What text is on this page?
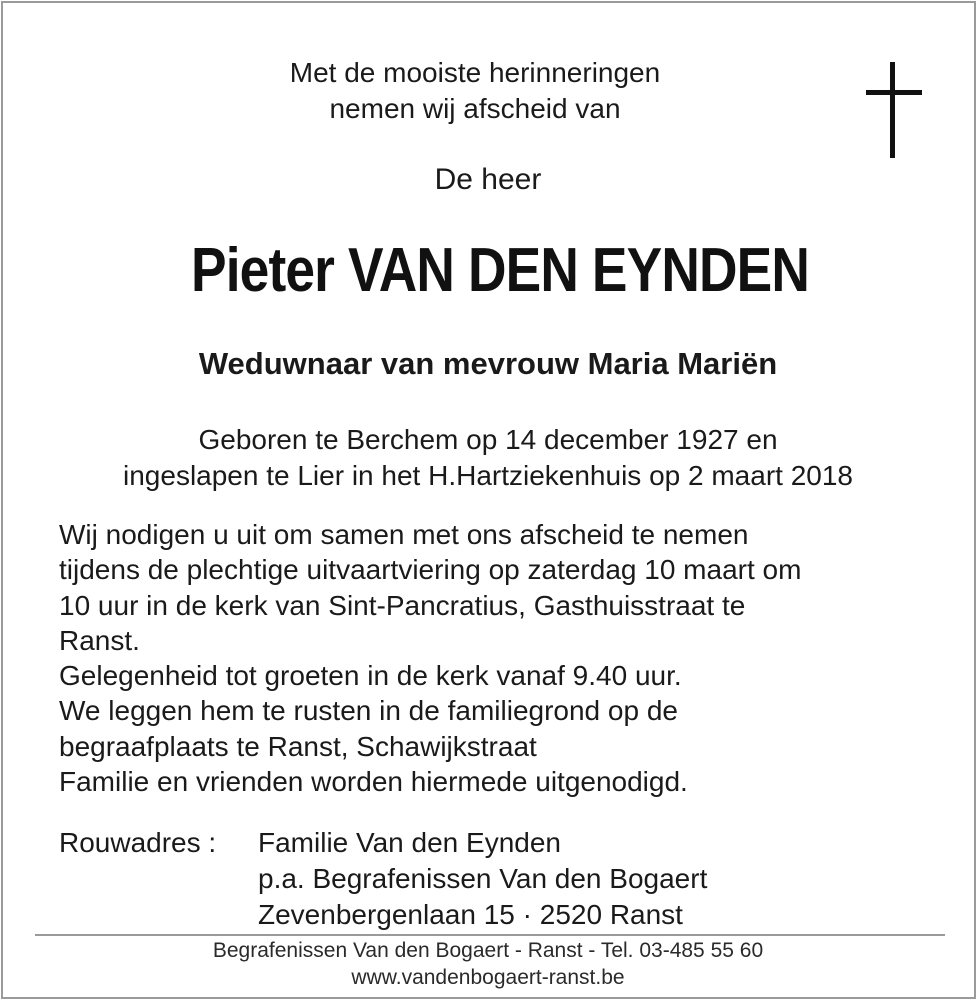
Met de mooiste herinneringen
nemen wij afscheid van
De heer
Pieter VAN DEN EYNDEN
Weduwnaar van mevrouw Maria Mariën
Geboren te Berchem op 14 december 1927 en
ingeslapen te Lier in het H.Hartziekenhuis op 2 maart 2018
Wij nodigen u uit om samen met ons afscheid te nemen
tijdens de plechtige uitvaartviering op zaterdag 10 maart om
10 uur in de kerk van Sint-Pancratius, Gasthuisstraat te
Ranst.
Gelegenheid tot groeten in de kerk vanaf 9.40 uur.
We leggen hem te rusten in de familiegrond op de
begraafplaats te Ranst, Schawijkstraat
Familie en vrienden worden hiermede uitgenodigd.
Rouwadres : Familie Van den Eynden
p.a. Begrafenissen Van den Bogaert
Zevenbergenlaan 15 · 2520 Ranst
Begrafenissen Van den Bogaert - Ranst - Tel. 03-485 55 60
www.vandenbogaert-ranst.be
